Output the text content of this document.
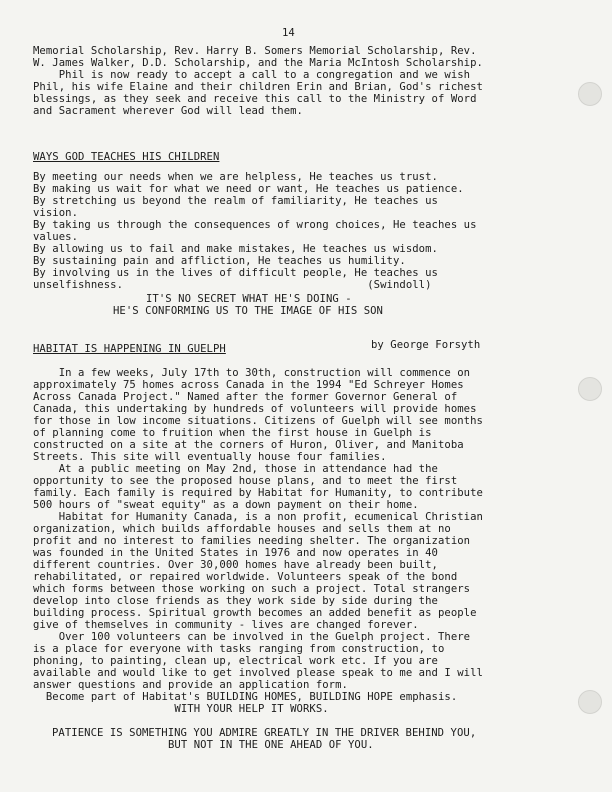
14
Memorial Scholarship, Rev. Harry B. Somers Memorial Scholarship, Rev.
W. James Walker, D.D. Scholarship, and the Maria McIntosh Scholarship.
Phil is now ready to accept a call to a congregation and we wish
Phil, his wife Elaine and their children Erin and Brian, God's richest
blessings, as they seek and receive this call to the Ministry of Word
and Sacrament wherever God will lead them.
WAYS GOD TEACHES HIS CHILDREN
By meeting our needs when we are helpless, He teaches us trust.
By making us wait for what we need or want, He teaches us patience.
By stretching us beyond the realm of familiarity, He teaches us
vision.
By taking us through the consequences of wrong choices, He teaches us
values.
By allowing us to fail and make mistakes, He teaches us wisdom.
By sustaining pain and affliction, He teaches us humility.
By involving us in the lives of difficult people, He teaches us
unselfishness.                                      (Swindoll)
IT'S NO SECRET WHAT HE'S DOING -
HE'S CONFORMING US TO THE IMAGE OF HIS SON
HABITAT IS HAPPENING IN GUELPH	by George Forsyth
In a few weeks, July 17th to 30th, construction will commence on
approximately 75 homes across Canada in the 1994 "Ed Schreyer Homes
Across Canada Project." Named after the former Governor General of
Canada, this undertaking by hundreds of volunteers will provide homes
for those in low income situations. Citizens of Guelph will see months
of planning come to fruition when the first house in Guelph is
constructed on a site at the corners of Huron, Oliver, and Manitoba
Streets. This site will eventually house four families.
At a public meeting on May 2nd, those in attendance had the
opportunity to see the proposed house plans, and to meet the first
family. Each family is required by Habitat for Humanity, to contribute
500 hours of "sweat equity" as a down payment on their home.
Habitat for Humanity Canada, is a non profit, ecumenical Christian
organization, which builds affordable houses and sells them at no
profit and no interest to families needing shelter. The organization
was founded in the United States in 1976 and now operates in 40
different countries. Over 30,000 homes have already been built,
rehabilitated, or repaired worldwide. Volunteers speak of the bond
which forms between those working on such a project. Total strangers
develop into close friends as they work side by side during the
building process. Spiritual growth becomes an added benefit as people
give of themselves in community - lives are changed forever.
Over 100 volunteers can be involved in the Guelph project. There
is a place for everyone with tasks ranging from construction, to
phoning, to painting, clean up, electrical work etc. If you are
available and would like to get involved please speak to me and I will
answer questions and provide an application form.
Become part of Habitat's BUILDING HOMES, BUILDING HOPE emphasis.
WITH YOUR HELP IT WORKS.
PATIENCE IS SOMETHING YOU ADMIRE GREATLY IN THE DRIVER BEHIND YOU,
BUT NOT IN THE ONE AHEAD OF YOU.
